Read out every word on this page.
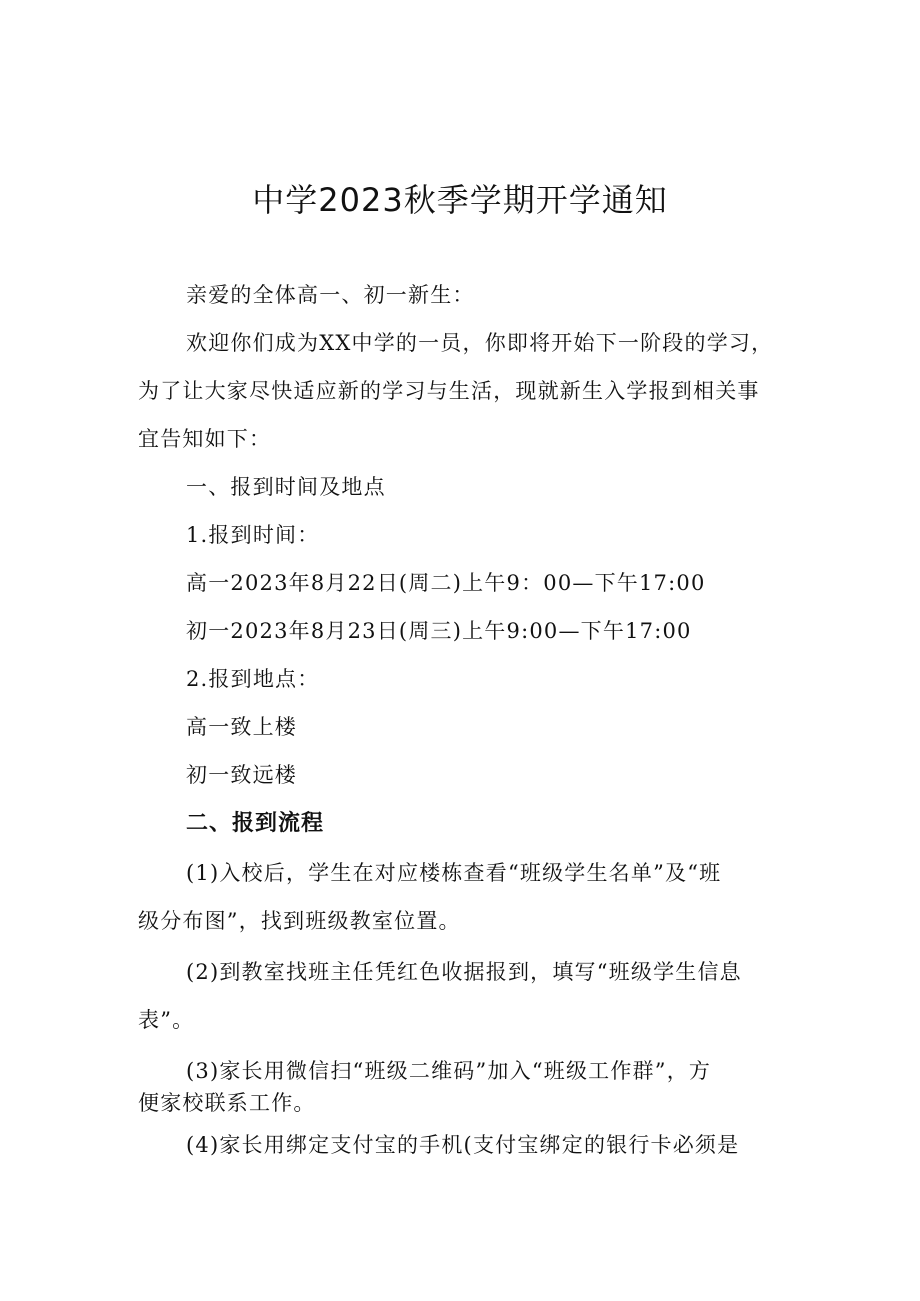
中学2023秋季学期开学通知
亲爱的全体高一、初一新生：
欢迎你们成为XX中学的一员，你即将开始下一阶段的学习，
为了让大家尽快适应新的学习与生活，现就新生入学报到相关事
宜告知如下：
一、报到时间及地点
1.报到时间：
高一2023年8月22日(周二)上午9：00—下午17:00
初一2023年8月23日(周三)上午9:00—下午17:00
2.报到地点：
高一致上楼
初一致远楼
二、报到流程
(1)入校后，学生在对应楼栋查看“班级学生名单”及“班
级分布图”，找到班级教室位置。
(2)到教室找班主任凭红色收据报到，填写“班级学生信息
表”。
(3)家长用微信扫“班级二维码”加入“班级工作群”，方
便家校联系工作。
(4)家长用绑定支付宝的手机(支付宝绑定的银行卡必须是
